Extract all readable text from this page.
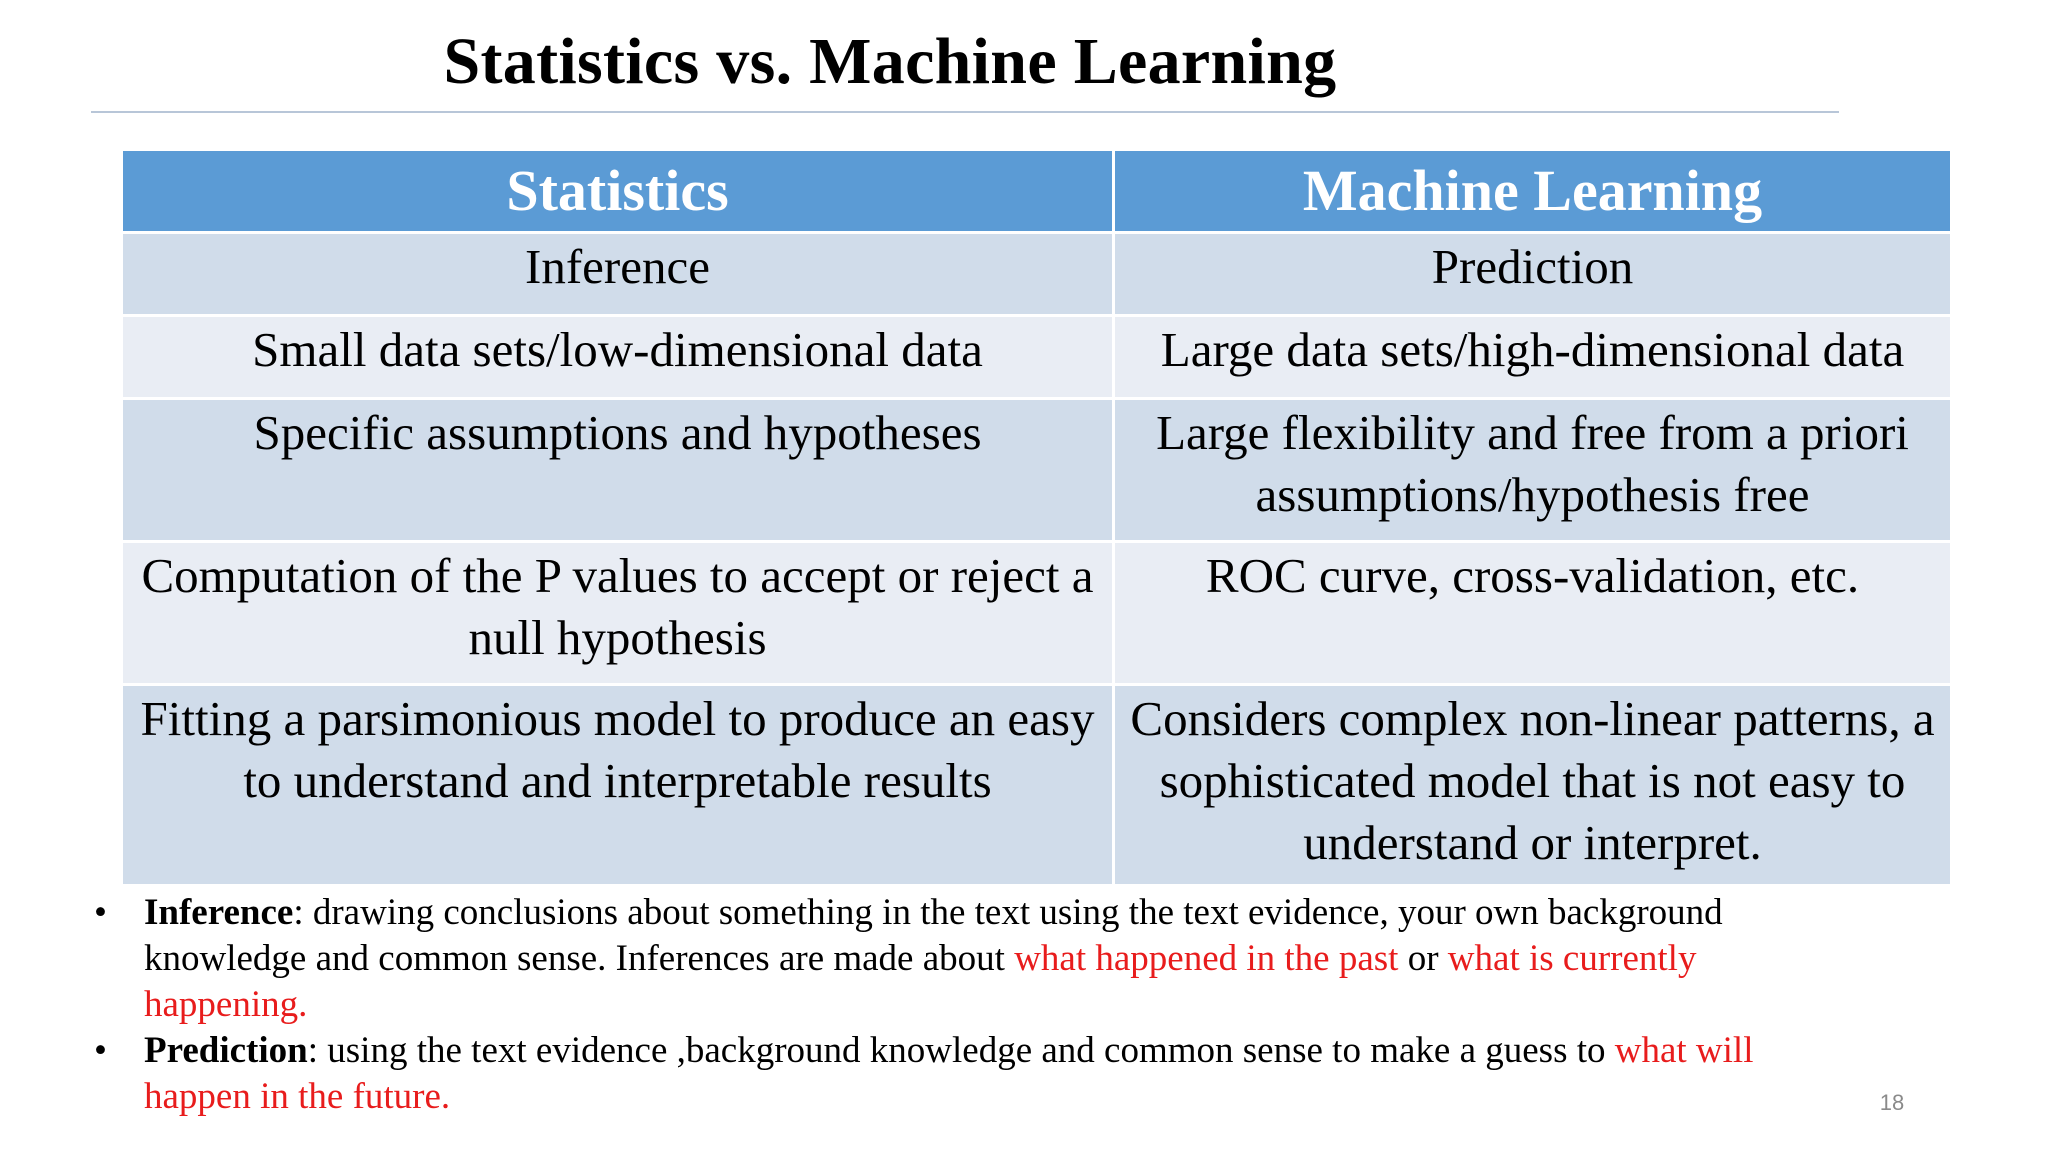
Statistics vs. Machine Learning
Statistics	Machine Learning
Inference	Prediction
Small data sets/low-dimensional data	Large data sets/high-dimensional data
Specific assumptions and hypotheses	Large flexibility and free from a priori assumptions/hypothesis free
Computation of the P values to accept or reject a null hypothesis	ROC curve, cross-validation, etc.
Fitting a parsimonious model to produce an easy to understand and interpretable results	Considers complex non-linear patterns, a sophisticated model that is not easy to understand or interpret.
• Inference: drawing conclusions about something in the text using the text evidence, your own background knowledge and common sense. Inferences are made about what happened in the past or what is currently happening.
• Prediction: using the text evidence ,background knowledge and common sense to make a guess to what will happen in the future.	18
